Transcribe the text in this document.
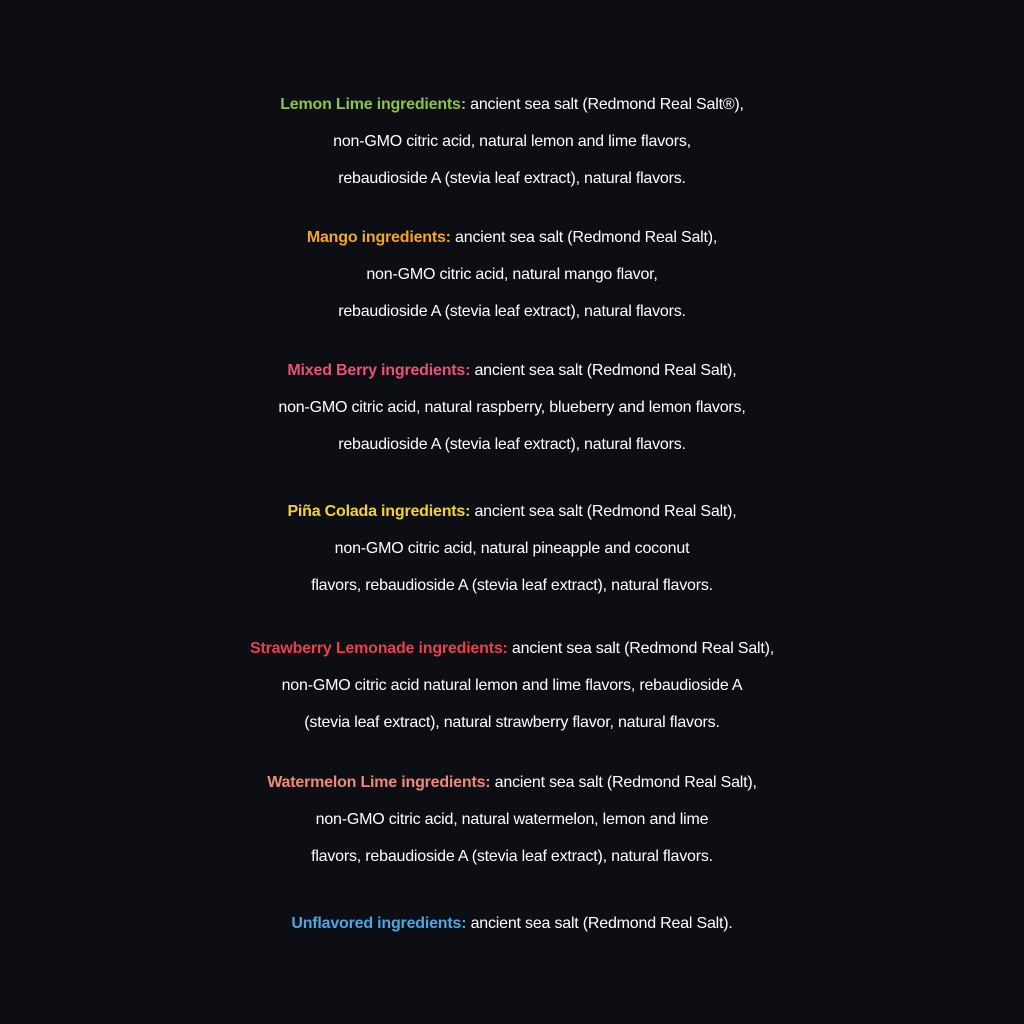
Lemon Lime ingredients: ancient sea salt (Redmond Real Salt®),
non-GMO citric acid, natural lemon and lime flavors,
rebaudioside A (stevia leaf extract), natural flavors.
Mango ingredients: ancient sea salt (Redmond Real Salt),
non-GMO citric acid, natural mango flavor,
rebaudioside A (stevia leaf extract), natural flavors.
Mixed Berry ingredients: ancient sea salt (Redmond Real Salt),
non-GMO citric acid, natural raspberry, blueberry and lemon flavors,
rebaudioside A (stevia leaf extract), natural flavors.
Piña Colada ingredients: ancient sea salt (Redmond Real Salt),
non-GMO citric acid, natural pineapple and coconut
flavors, rebaudioside A (stevia leaf extract), natural flavors.
Strawberry Lemonade ingredients: ancient sea salt (Redmond Real Salt),
non-GMO citric acid natural lemon and lime flavors, rebaudioside A
(stevia leaf extract), natural strawberry flavor, natural flavors.
Watermelon Lime ingredients: ancient sea salt (Redmond Real Salt),
non-GMO citric acid, natural watermelon, lemon and lime
flavors, rebaudioside A (stevia leaf extract), natural flavors.
Unflavored ingredients: ancient sea salt (Redmond Real Salt).
